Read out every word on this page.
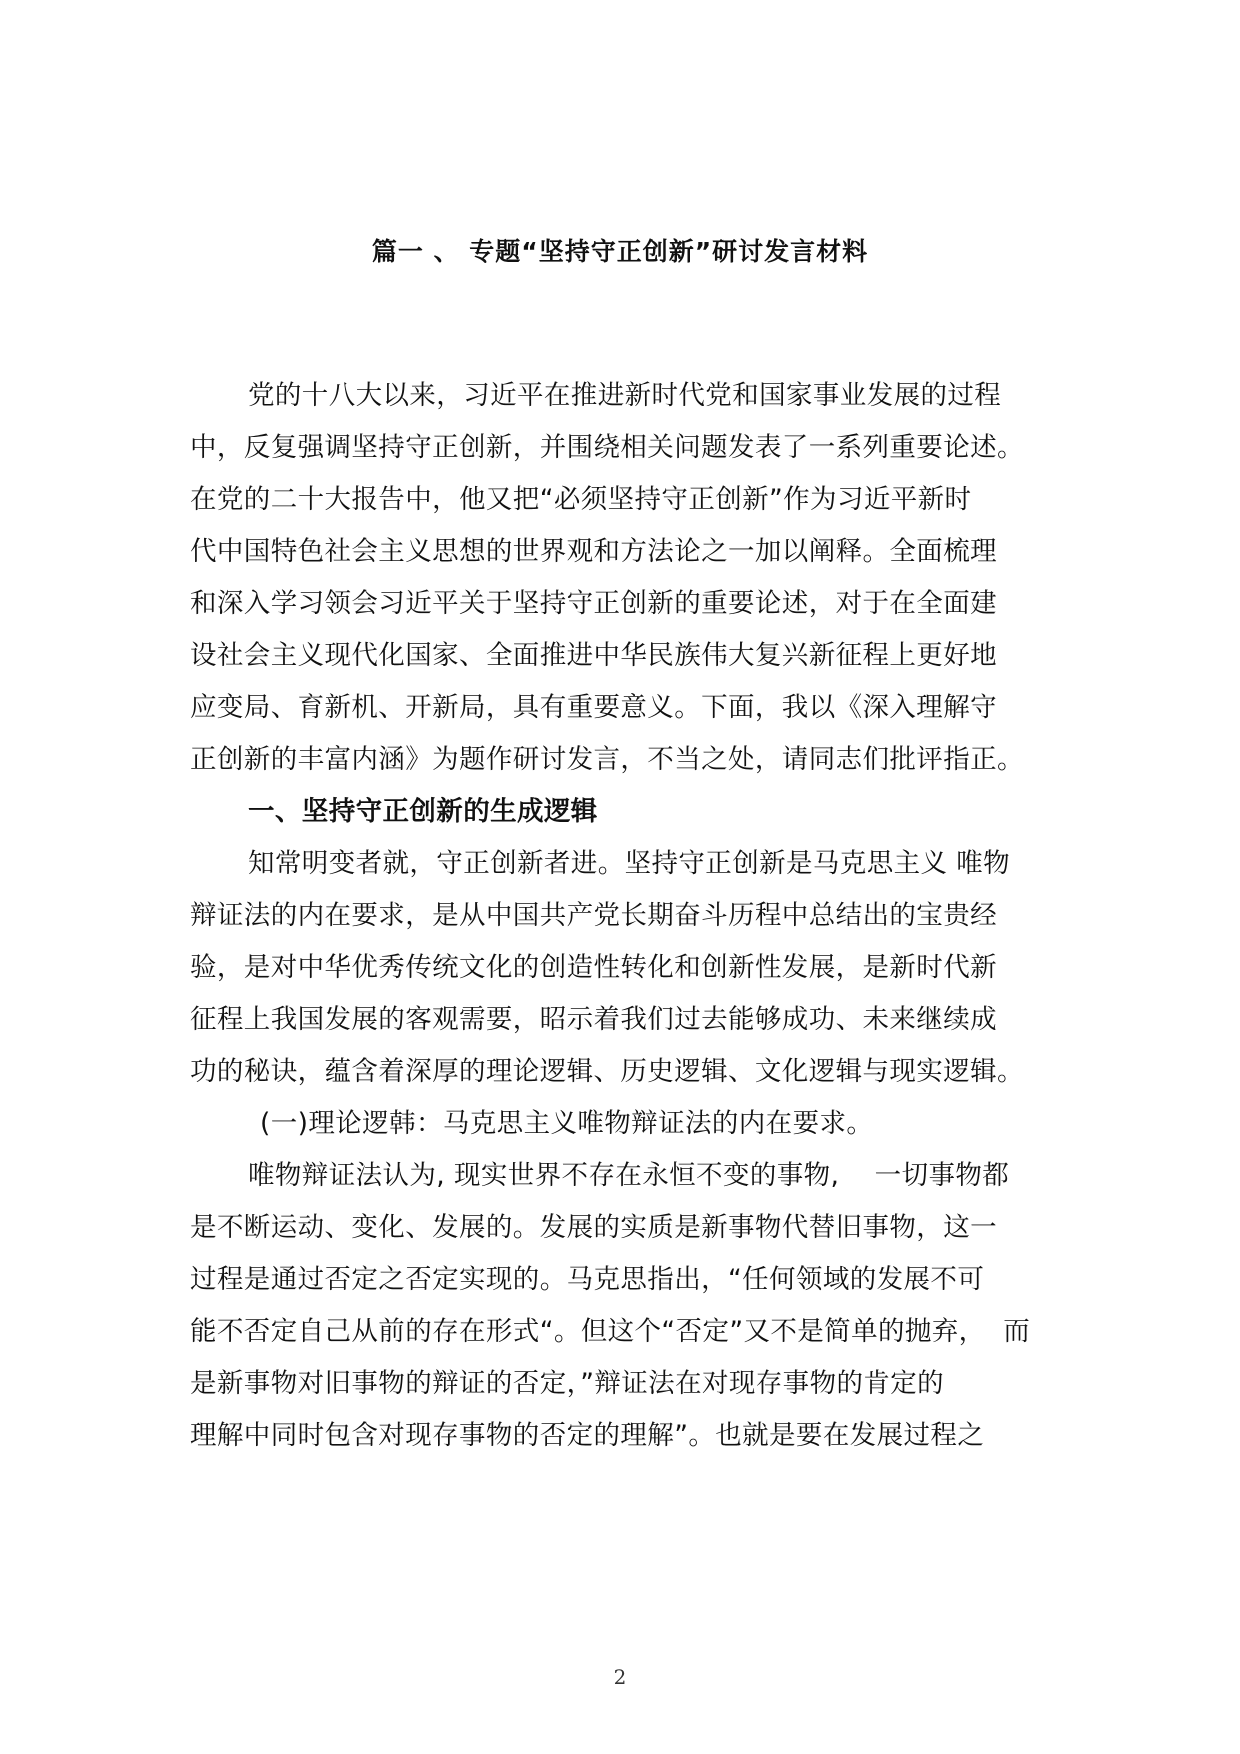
篇一 、 专题“坚持守正创新”研讨发言材料
党的十八大以来，习近平在推进新时代党和国家事业发展的过程
中，反复强调坚持守正创新，并围绕相关问题发表了一系列重要论述。
在党的二十大报告中，他又把“必须坚持守正创新”作为习近平新时
代中国特色社会主义思想的世界观和方法论之一加以阐释。全面梳理
和深入学习领会习近平关于坚持守正创新的重要论述，对于在全面建
设社会主义现代化国家、全面推进中华民族伟大复兴新征程上更好地
应变局、育新机、开新局，具有重要意义。下面，我以《深入理解守
正创新的丰富内涵》为题作研讨发言，不当之处，请同志们批评指正。
一、坚持守正创新的生成逻辑
知常明变者就，守正创新者进。坚持守正创新是马克思主义 唯物
辩证法的内在要求，是从中国共产党长期奋斗历程中总结出的宝贵经
验，是对中华优秀传统文化的创造性转化和创新性发展，是新时代新
征程上我国发展的客观需要，昭示着我们过去能够成功、未来继续成
功的秘诀，蕴含着深厚的理论逻辑、历史逻辑、文化逻辑与现实逻辑。
(一)理论逻韩：马克思主义唯物辩证法的内在要求。
唯物辩证法认为, 现实世界不存在永恒不变的事物,    一切事物都
是不断运动、变化、发展的。发展的实质是新事物代替旧事物，这一
过程是通过否定之否定实现的。马克思指出，“任何领域的发展不可
能不否定自己从前的存在形式“。但这个“否定”又不是简单的抛弃，  而
是新事物对旧事物的辩证的否定，”辩证法在对现存事物的肯定的
理解中同时包含对现存事物的否定的理解”。也就是要在发展过程之
2
